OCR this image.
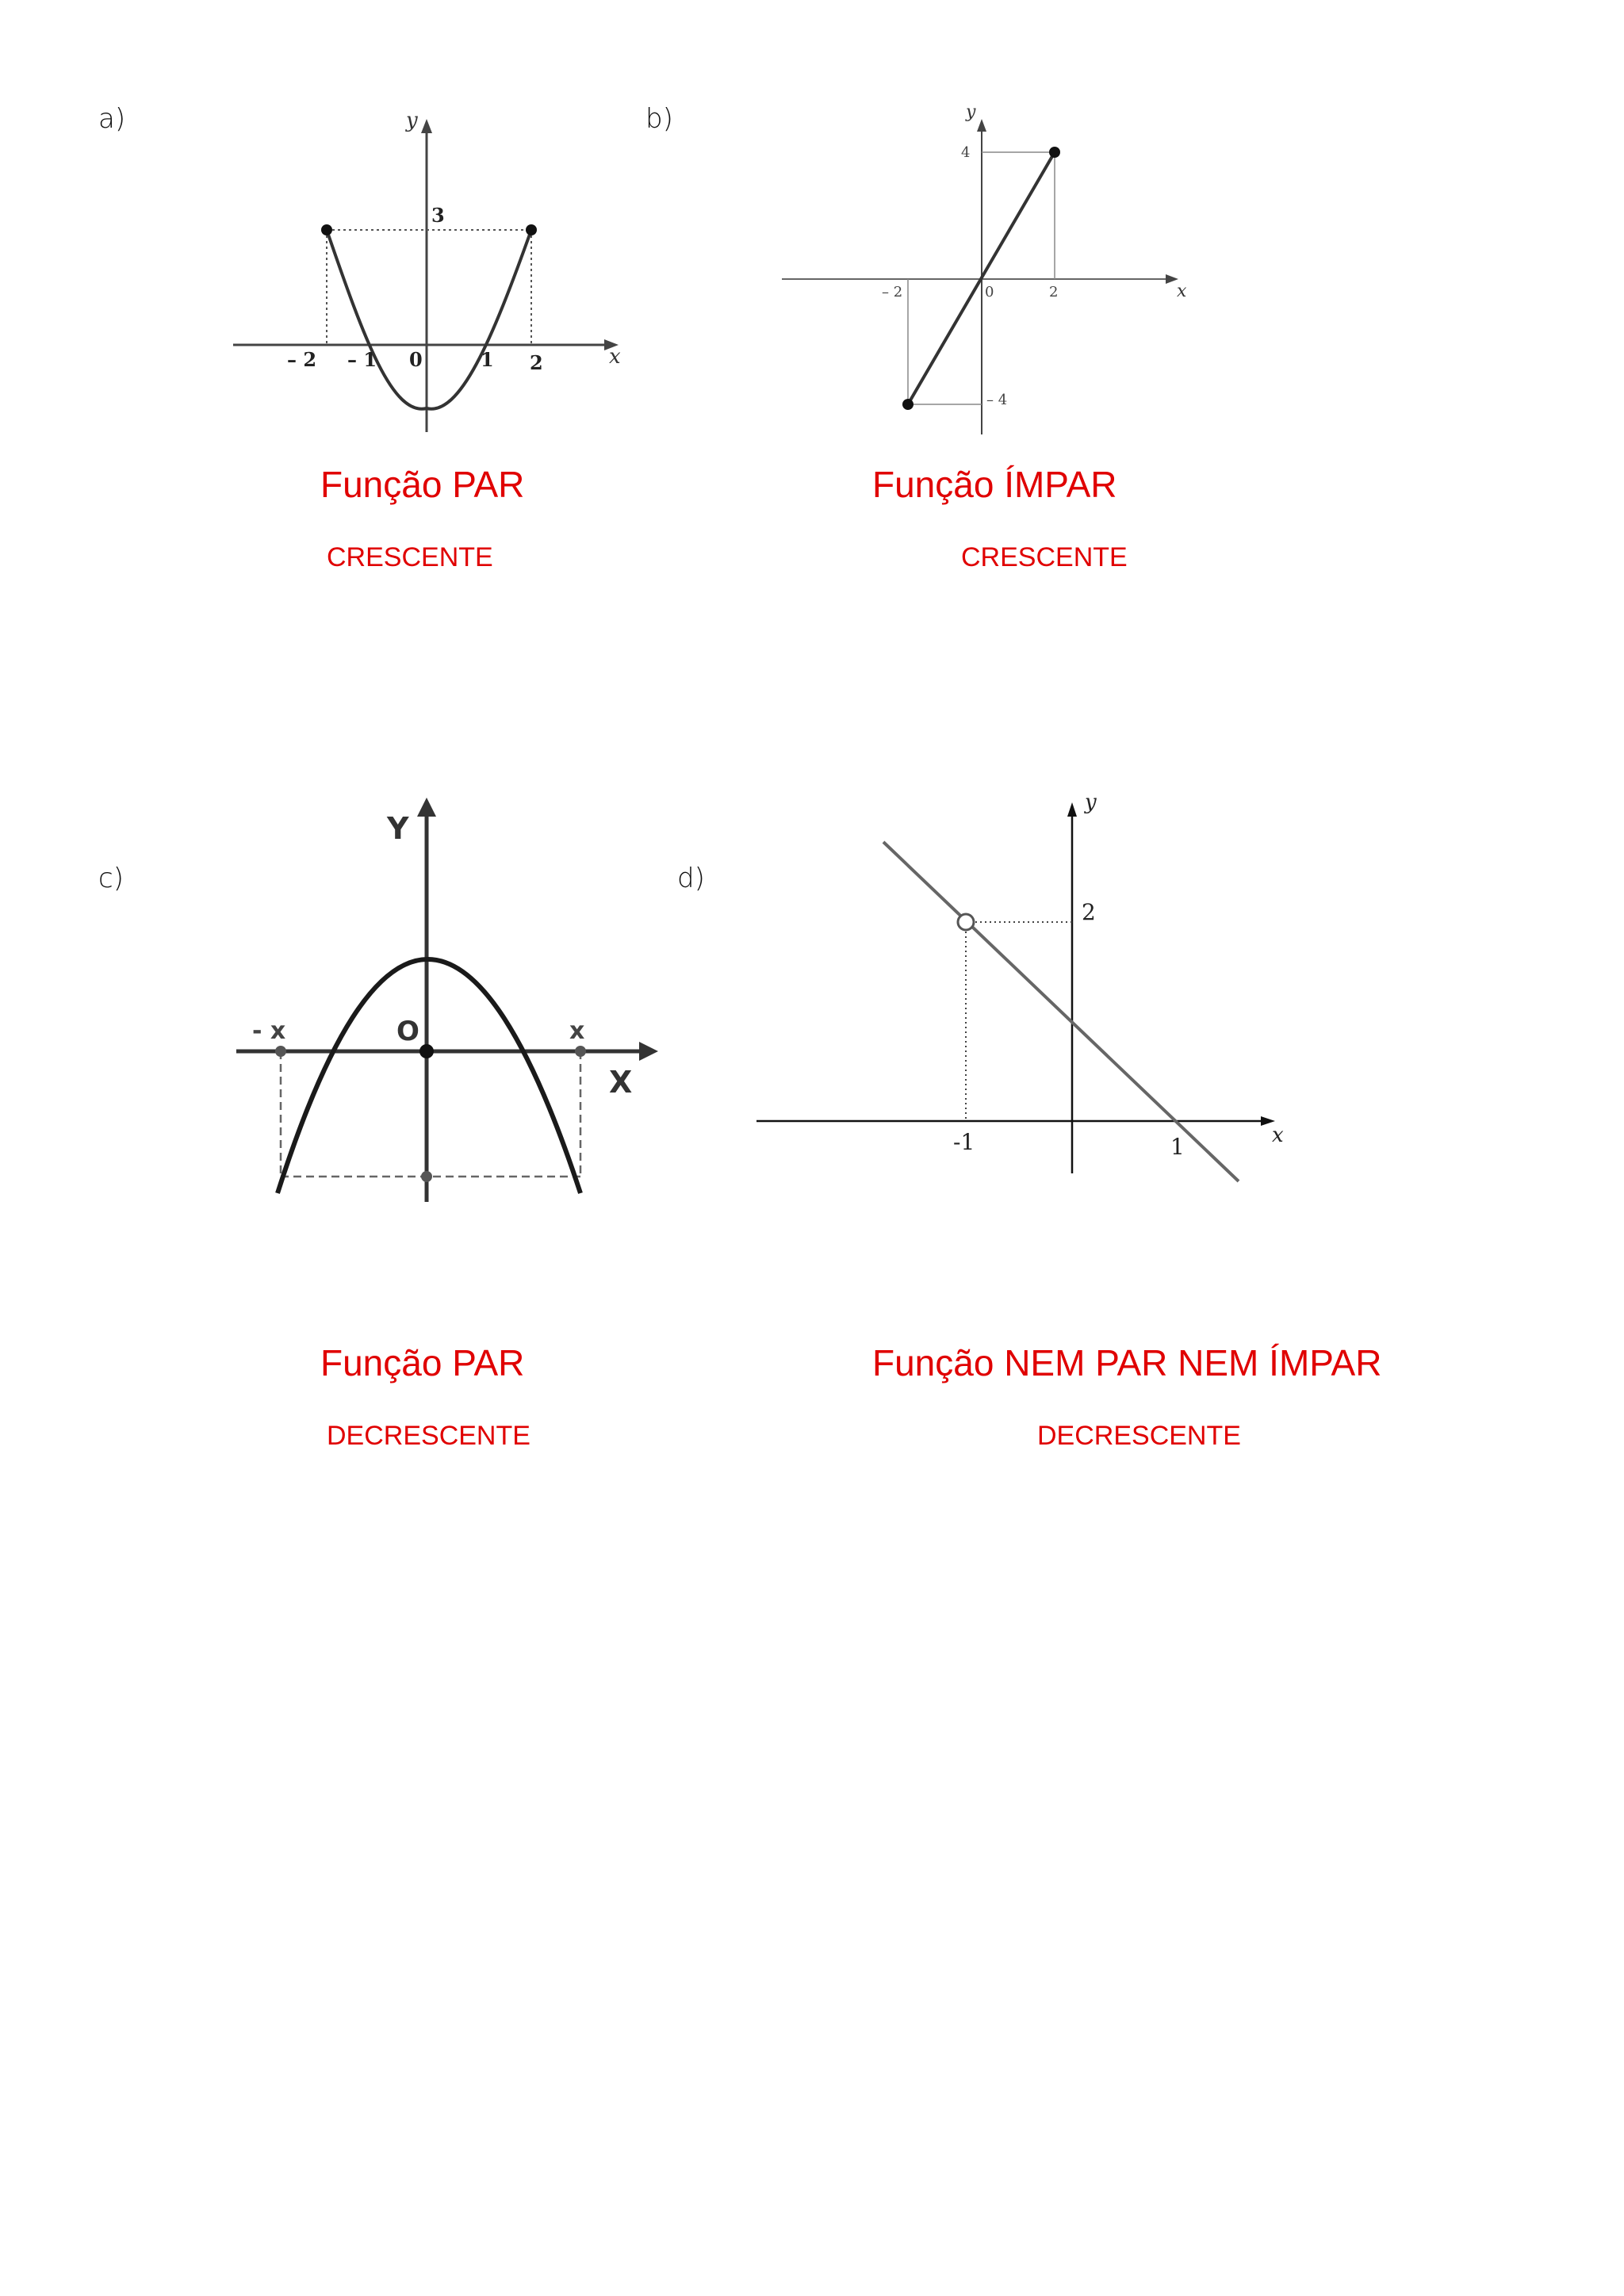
a)	y
x
3
– 2 – 1 0	1 2
Função PAR
CRESCENTE
b)	y
x
4
– 4
– 2	0	2
Função ÍMPAR
CRESCENTE
c)
Y
X
O
- x	x
Função PAR
DECRESCENTE
d)
y
x
2
-1	1
Função NEM PAR NEM ÍMPAR
DECRESCENTE
